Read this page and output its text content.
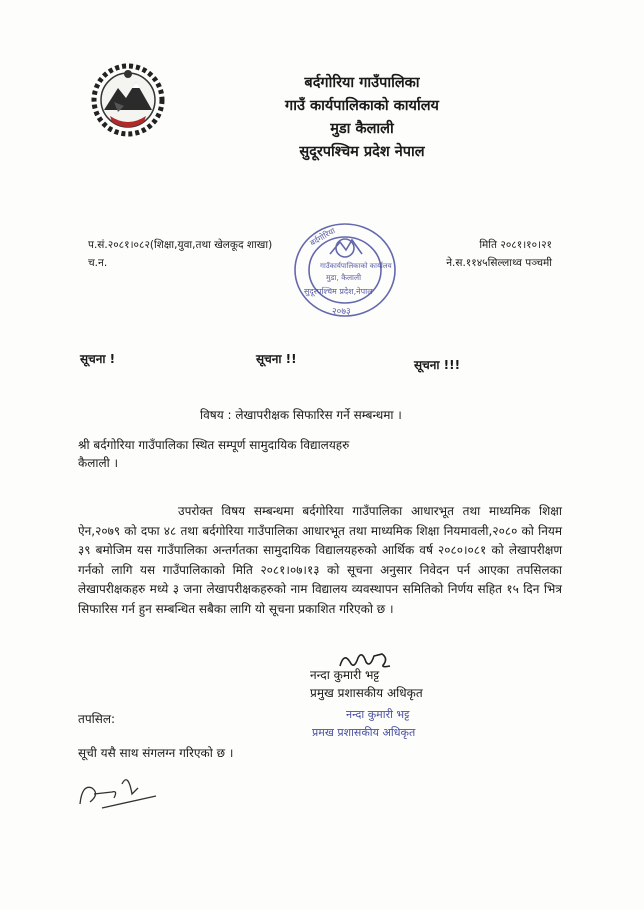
बर्दगोरिया गाउँपालिका
गाउँ कार्यपालिकाको कार्यालय
मुडा कैलाली
सुदूरपश्चिम प्रदेश नेपाल
प.सं.२०८१।०८२(शिक्षा,युवा,तथा खेलकूद शाखा)
च.न.
बर्दगोरिया
गाउँकार्यपालिकाको कार्यालय
मुडा, कैलाली
सुदूरपश्चिम प्रदेश,नेपाल
२०७३
मिति २०८१।१०।२१
ने.स.११४५सिल्लाथ्व पञ्चमी
सूचना !	सूचना !!	सूचना !!!
विषय : लेखापरीक्षक सिफारिस गर्ने सम्बन्धमा ।
श्री बर्दगोरिया गाउँपालिका स्थित सम्पूर्ण सामुदायिक विद्यालयहरु
कैलाली ।
उपरोक्त विषय सम्बन्धमा बर्दगोरिया गाउँपालिका आधारभूत तथा माध्यमिक शिक्षा ऐन,२०७९ को दफा ४८ तथा बर्दगोरिया गाउँपालिका आधारभूत तथा माध्यमिक शिक्षा नियमावली,२०८० को नियम ३९ बमोजिम यस गाउँपालिका अन्तर्गतका सामुदायिक विद्यालयहरुको आर्थिक वर्ष २०८०।०८१ को लेखापरीक्षण गर्नको लागि यस गाउँपालिकाको मिति २०८१।०७।१३ को सूचना अनुसार निवेदन पर्न आएका तपसिलका लेखापरीक्षकहरु मध्ये ३ जना लेखापरीक्षकहरुको नाम विद्यालय व्यवस्थापन समितिको निर्णय सहित १५ दिन भित्र सिफारिस गर्न हुन सम्बन्धित सबैका लागि यो सूचना प्रकाशित गरिएको छ ।
नन्दा कुमारी भट्ट
प्रमुख प्रशासकीय अधिकृत
नन्दा कुमारी भट्ट
प्रमख प्रशासकीय अधिकृत
तपसिल:
सूची यसै साथ संगलग्न गरिएको छ ।
